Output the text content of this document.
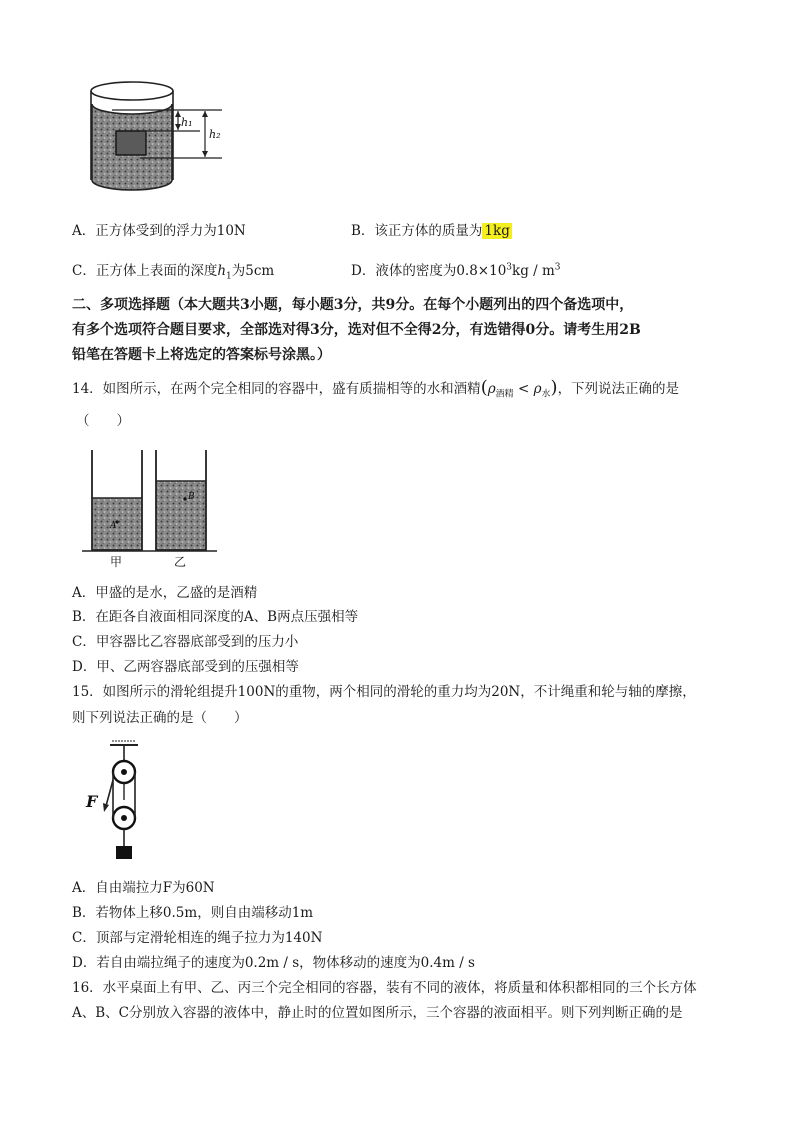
h₁
h₂
A．正方体受到的浮力为10N	B．该正方体的质量为 1kg
C．正方体上表面的深度$h_1$为5cm	D．液体的密度为$0.8\times 10^3kg / m^3$
二、多项选择题（本大题共3小题，每小题3分，共9分。在每个小题列出的四个备选项中，
有多个选项符合题目要求，全部选对得3分，选对但不全得2分，有选错得0分。请考生用2B
铅笔在答题卡上将选定的答案标号涂黑。）
14．如图所示，在两个完全相同的容器中，盛有质揣相等的水和酒精$(\rho_{酒精} < \rho_水)$，下列说法正确的是
（　　）
A
B
甲	乙
A．甲盛的是水，乙盛的是酒精
B．在距各自液面相同深度的A、B两点压强相等
C．甲容器比乙容器底部受到的压力小
D．甲、乙两容器底部受到的压强相等
15．如图所示的滑轮组提升100N的重物，两个相同的滑轮的重力均为20N，不计绳重和轮与轴的摩擦，
则下列说法正确的是（　　）
F
A．自由端拉力F为60N
B．若物体上移0.5m，则自由端移动1m
C．顶部与定滑轮相连的绳子拉力为140N
D．若自由端拉绳子的速度为0.2m / s，物体移动的速度为0.4m / s
16．水平桌面上有甲、乙、丙三个完全相同的容器，装有不同的液体，将质量和体积都相同的三个长方体
A、B、C分别放入容器的液体中，静止时的位置如图所示，三个容器的液面相平。则下列判断正确的是
